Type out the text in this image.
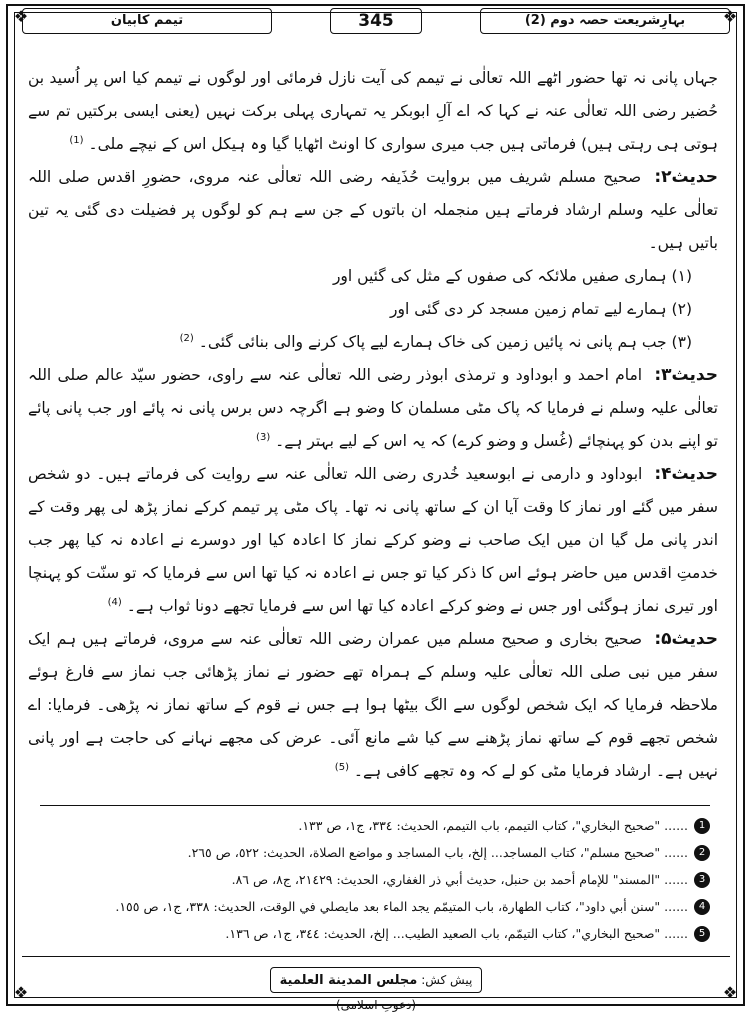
❖	❖
❖	❖
بہارِشریعت حصہ دوم (2)
345
تیمم کابیان

جہاں پانی نہ تھا حضور اٹھے اللہ تعالٰی نے تیمم کی آیت نازل فرمائی اور لوگوں نے تیمم کیا اس پر اُسید بن حُضیر رضی اللہ تعالٰی عنہ نے کہا کہ اے آلِ ابوبکر یہ تمہاری پہلی برکت نہیں (یعنی ایسی برکتیں تم سے ہوتی ہی رہتی ہیں) فرماتی ہیں جب میری سواری کا اونٹ اٹھایا گیا وہ ہیکل اس کے نیچے ملی۔ $^{(1)}$

حدیث۲: صحیح مسلم شریف میں بروایت حُذَیفہ رضی اللہ تعالٰی عنہ مروی، حضورِ اقدس صلی اللہ تعالٰی علیہ وسلم ارشاد فرماتے ہیں منجملہ ان باتوں کے جن سے ہم کو لوگوں پر فضیلت دی گئی یہ تین باتیں ہیں۔

(۱) ہماری صفیں ملائکہ کی صفوں کے مثل کی گئیں اور

(۲) ہمارے لیے تمام زمین مسجد کر دی گئی اور

(۳) جب ہم پانی نہ پائیں زمین کی خاک ہمارے لیے پاک کرنے والی بنائی گئی۔ $^{(2)}$

حدیث۳: امام احمد و ابوداود و ترمذی ابوذر رضی اللہ تعالٰی عنہ سے راوی، حضور سیّد عالم صلی اللہ تعالٰی علیہ وسلم نے فرمایا کہ پاک مٹی مسلمان کا وضو ہے اگرچہ دس برس پانی نہ پائے اور جب پانی پائے تو اپنے بدن کو پہنچائے (غُسل و وضو کرے) کہ یہ اس کے لیے بہتر ہے۔ $^{(3)}$

حدیث۴: ابوداود و دارمی نے ابوسعید خُدری رضی اللہ تعالٰی عنہ سے روایت کی فرماتے ہیں۔ دو شخص سفر میں گئے اور نماز کا وقت آیا ان کے ساتھ پانی نہ تھا۔ پاک مٹی پر تیمم کرکے نماز پڑھ لی پھر وقت کے اندر پانی مل گیا ان میں ایک صاحب نے وضو کرکے نماز کا اعادہ کیا اور دوسرے نے اعادہ نہ کیا پھر جب خدمتِ اقدس میں حاضر ہوئے اس کا ذکر کیا تو جس نے اعادہ نہ کیا تھا اس سے فرمایا کہ تو سنّت کو پہنچا اور تیری نماز ہوگئی اور جس نے وضو کرکے اعادہ کیا تھا اس سے فرمایا تجھے دونا ثواب ہے۔ $^{(4)}$

حدیث۵: صحیح بخاری و صحیح مسلم میں عمران رضی اللہ تعالٰی عنہ سے مروی، فرماتے ہیں ہم ایک سفر میں نبی صلی اللہ تعالٰی علیہ وسلم کے ہمراہ تھے حضور نے نماز پڑھائی جب نماز سے فارغ ہوئے ملاحظہ فرمایا کہ ایک شخص لوگوں سے الگ بیٹھا ہوا ہے جس نے قوم کے ساتھ نماز نہ پڑھی۔ فرمایا: اے شخص تجھے قوم کے ساتھ نماز پڑھنے سے کیا شے مانع آئی۔ عرض کی مجھے نہانے کی حاجت ہے اور پانی نہیں ہے۔ ارشاد فرمایا مٹی کو لے کہ وہ تجھے کافی ہے۔ $^{(5)}$

1
...... "صحيح البخاري"، كتاب التيمم، باب التيمم، الحديث: ٣٣٤، ج١، ص ١٣٣.
2
...... "صحيح مسلم"، كتاب المساجد... إلخ، باب المساجد و مواضع الصلاة، الحديث: ٥٢٢، ص ٢٦٥.
3
...... "المسند" للإمام أحمد بن حنبل، حديث أبي ذر الغفاري، الحديث: ٢١٤٢٩، ج٨، ص ٨٦.
4
...... "سنن أبي داود"، كتاب الطهارة، باب المتيمّم يجد الماء بعد مايصلي في الوقت، الحديث: ٣٣٨، ج١، ص ١٥٥.
5
...... "صحيح البخاري"، كتاب التيمّم، باب الصعيد الطيب... إلخ، الحديث: ٣٤٤، ج١، ص ١٣٦.
پیش کش: مجلس المدينة العلمية (دعوتِ اسلامی)
